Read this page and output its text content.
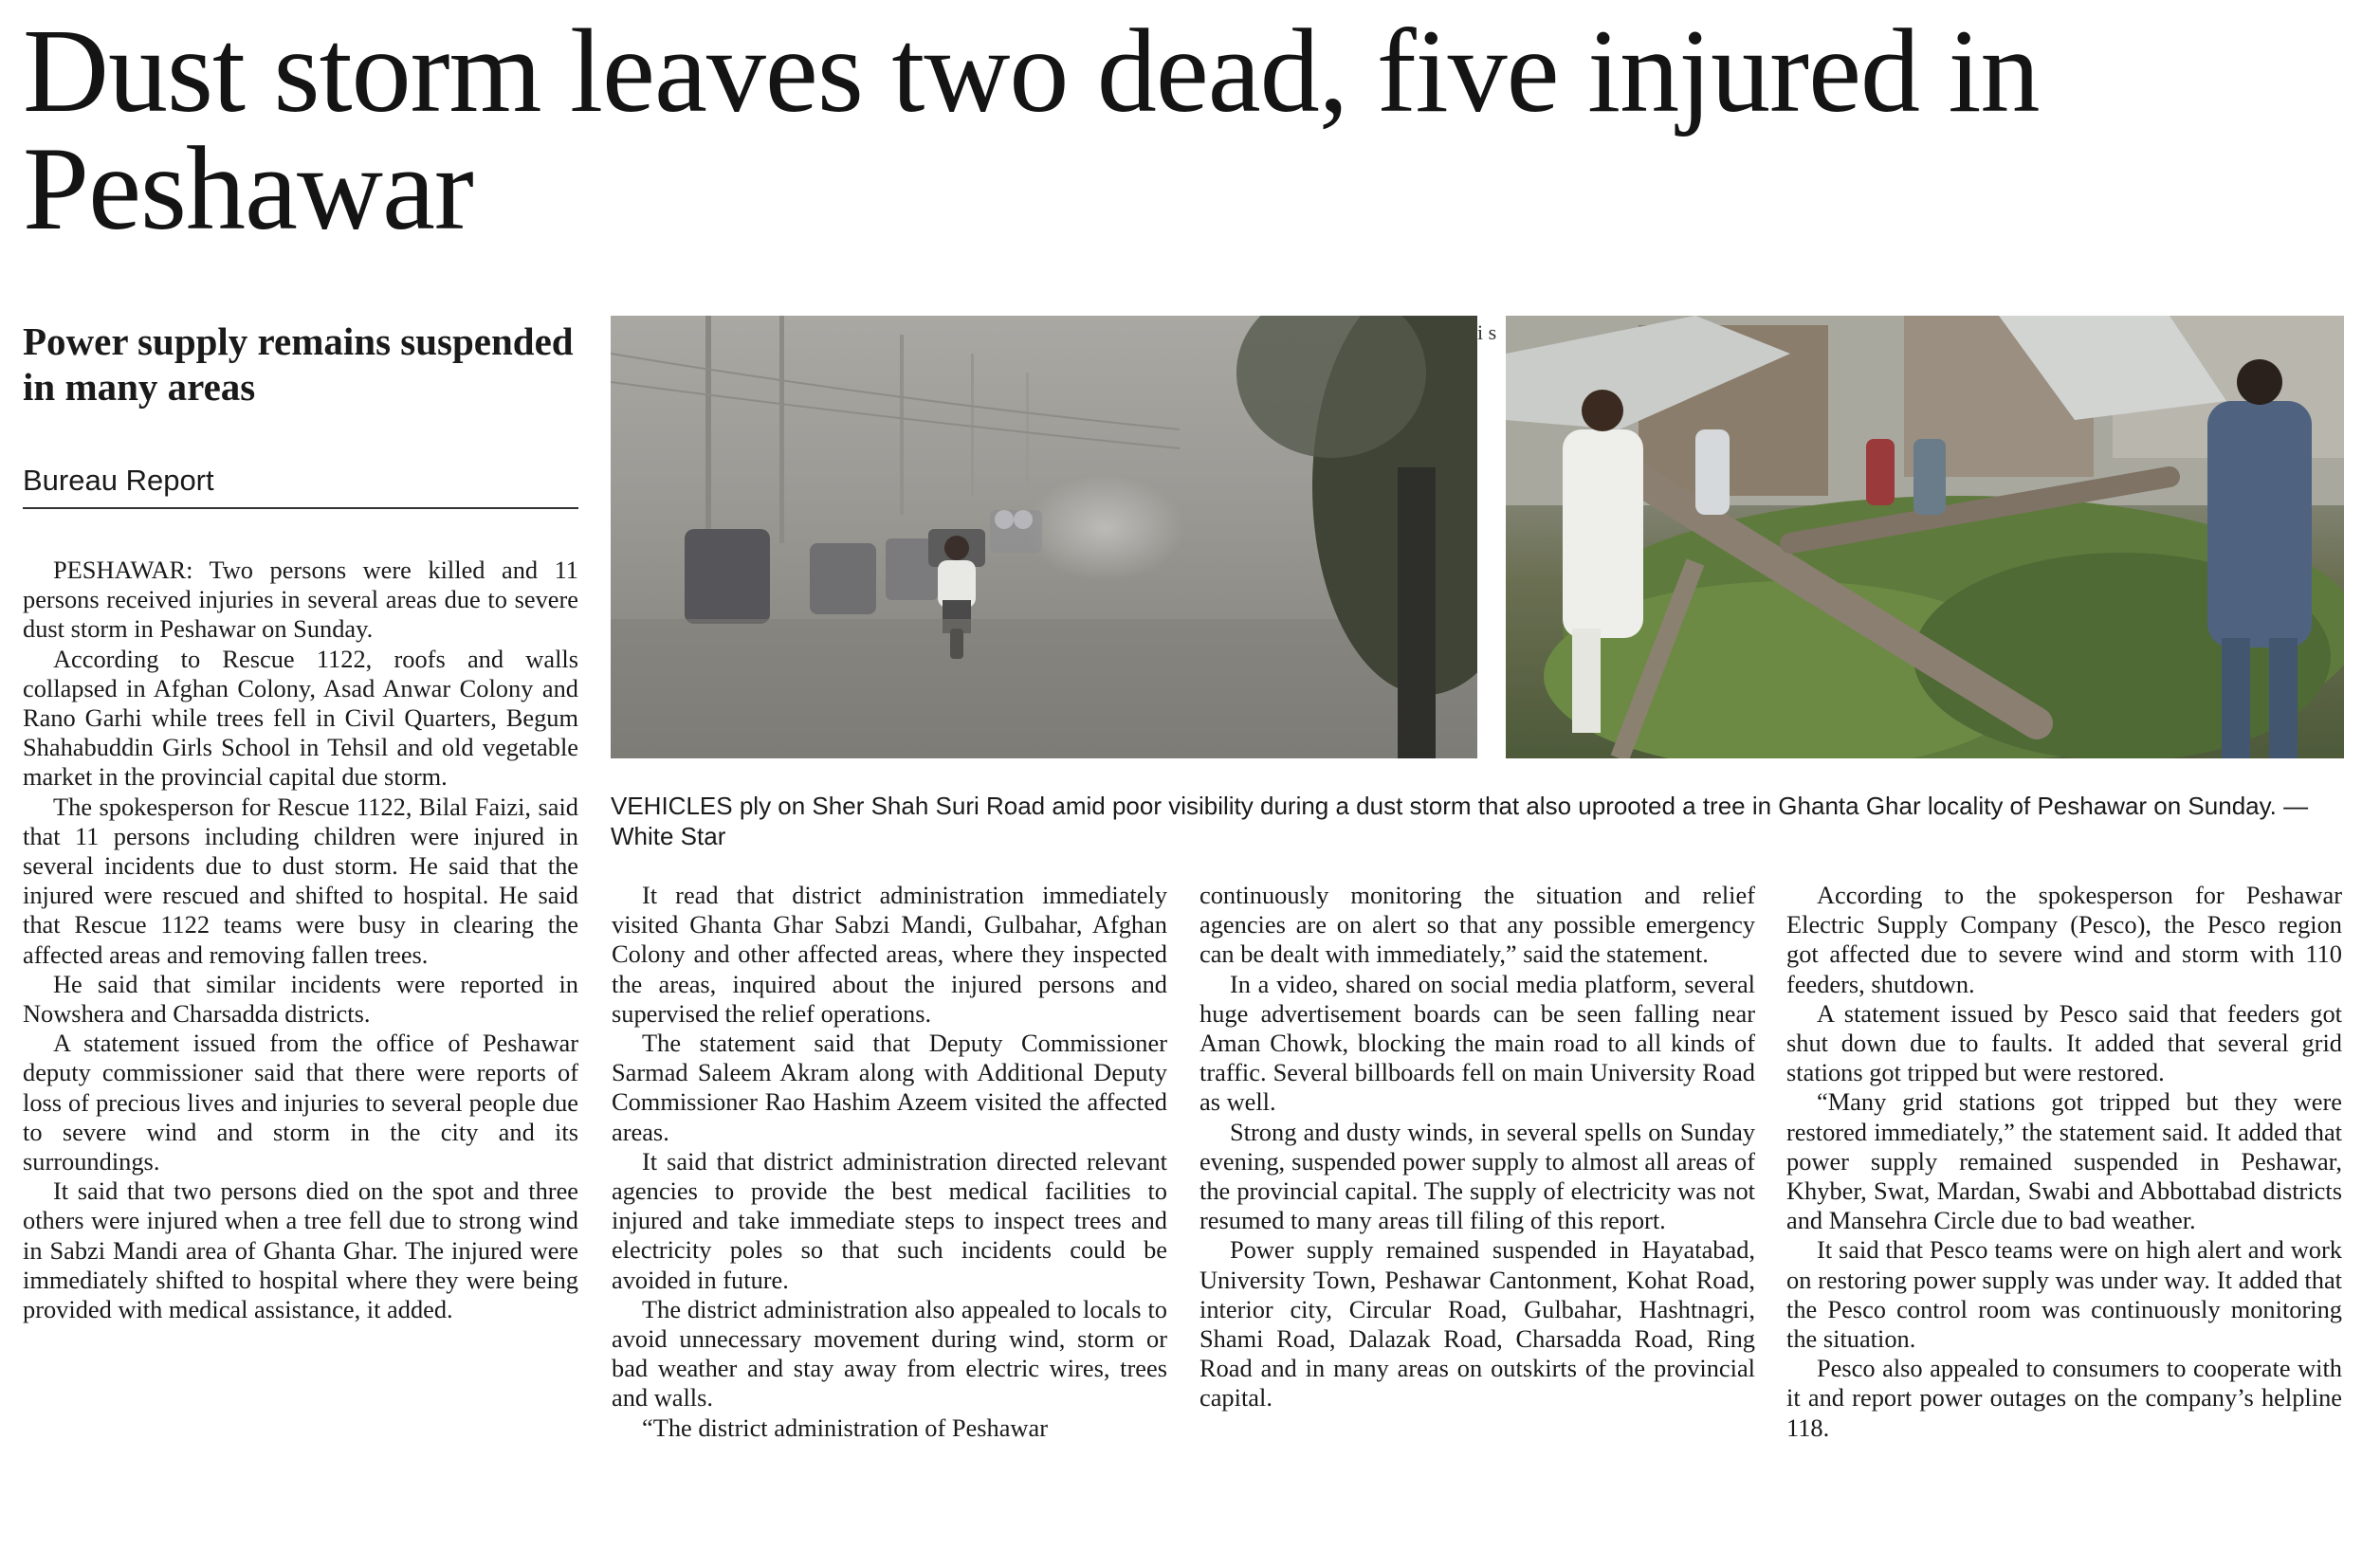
Dust storm leaves two dead, five injured in Peshawar
Power supply remains suspended in many areas
Bureau Report
i s
VEHICLES ply on Sher Shah Suri Road amid poor visibility during a dust storm that also uprooted a tree in Ghanta Ghar locality of Peshawar on Sunday. — White Star

PESHAWAR: Two persons were killed and 11 persons received injuries in several areas due to severe dust storm in Peshawar on Sunday.

According to Rescue 1122, roofs and walls collapsed in Afghan Colony, Asad Anwar Colony and Rano Garhi while trees fell in Civil Quarters, Begum Shahabuddin Girls School in Tehsil and old vegetable market in the provincial capital due storm.

The spokesperson for Rescue 1122, Bilal Faizi, said that 11 persons including children were injured in several incidents due to dust storm. He said that the injured were rescued and shifted to hospital. He said that Rescue 1122 teams were busy in clearing the affected areas and removing fallen trees.

He said that similar incidents were reported in Nowshera and Charsadda districts.

A statement issued from the office of Peshawar deputy commissioner said that there were reports of loss of precious lives and injuries to several people due to severe wind and storm in the city and its surroundings.

It said that two persons died on the spot and three others were injured when a tree fell due to strong wind in Sabzi Mandi area of Ghanta Ghar. The injured were immediately shifted to hospital where they were being provided with medical assistance, it added.

It read that district administration immediately visited Ghanta Ghar Sabzi Mandi, Gulbahar, Afghan Colony and other affected areas, where they inspected the areas, inquired about the injured persons and supervised the relief operations.

The statement said that Deputy Commissioner Sarmad Saleem Akram along with Additional Deputy Commissioner Rao Hashim Azeem visited the affected areas.

It said that district administration directed relevant agencies to provide the best medical facilities to injured and take immediate steps to inspect trees and electricity poles so that such incidents could be avoided in future.

The district administration also appealed to locals to avoid unnecessary movement during wind, storm or bad weather and stay away from electric wires, trees and walls.

“The district administration of Peshawar

continuously monitoring the situation and relief agencies are on alert so that any possible emergency can be dealt with immediately,” said the statement.

In a video, shared on social media platform, several huge advertisement boards can be seen falling near Aman Chowk, blocking the main road to all kinds of traffic. Several billboards fell on main University Road as well.

Strong and dusty winds, in several spells on Sunday evening, suspended power supply to almost all areas of the provincial capital. The supply of electricity was not resumed to many areas till filing of this report.

Power supply remained suspended in Hayatabad, University Town, Peshawar Cantonment, Kohat Road, interior city, Circular Road, Gulbahar, Hashtnagri, Shami Road, Dalazak Road, Charsadda Road, Ring Road and in many areas on outskirts of the provincial capital.

According to the spokesperson for Peshawar Electric Supply Company (Pesco), the Pesco region got affected due to severe wind and storm with 110 feeders, shutdown.

A statement issued by Pesco said that feeders got shut down due to faults. It added that several grid stations got tripped but were restored.

“Many grid stations got tripped but they were restored immediately,” the statement said. It added that power supply remained suspended in Peshawar, Khyber, Swat, Mardan, Swabi and Abbottabad districts and Mansehra Circle due to bad weather.

It said that Pesco teams were on high alert and work on restoring power supply was under way. It added that the Pesco control room was continuously monitoring the situation.

Pesco also appealed to consumers to cooperate with it and report power outages on the company’s helpline 118.
